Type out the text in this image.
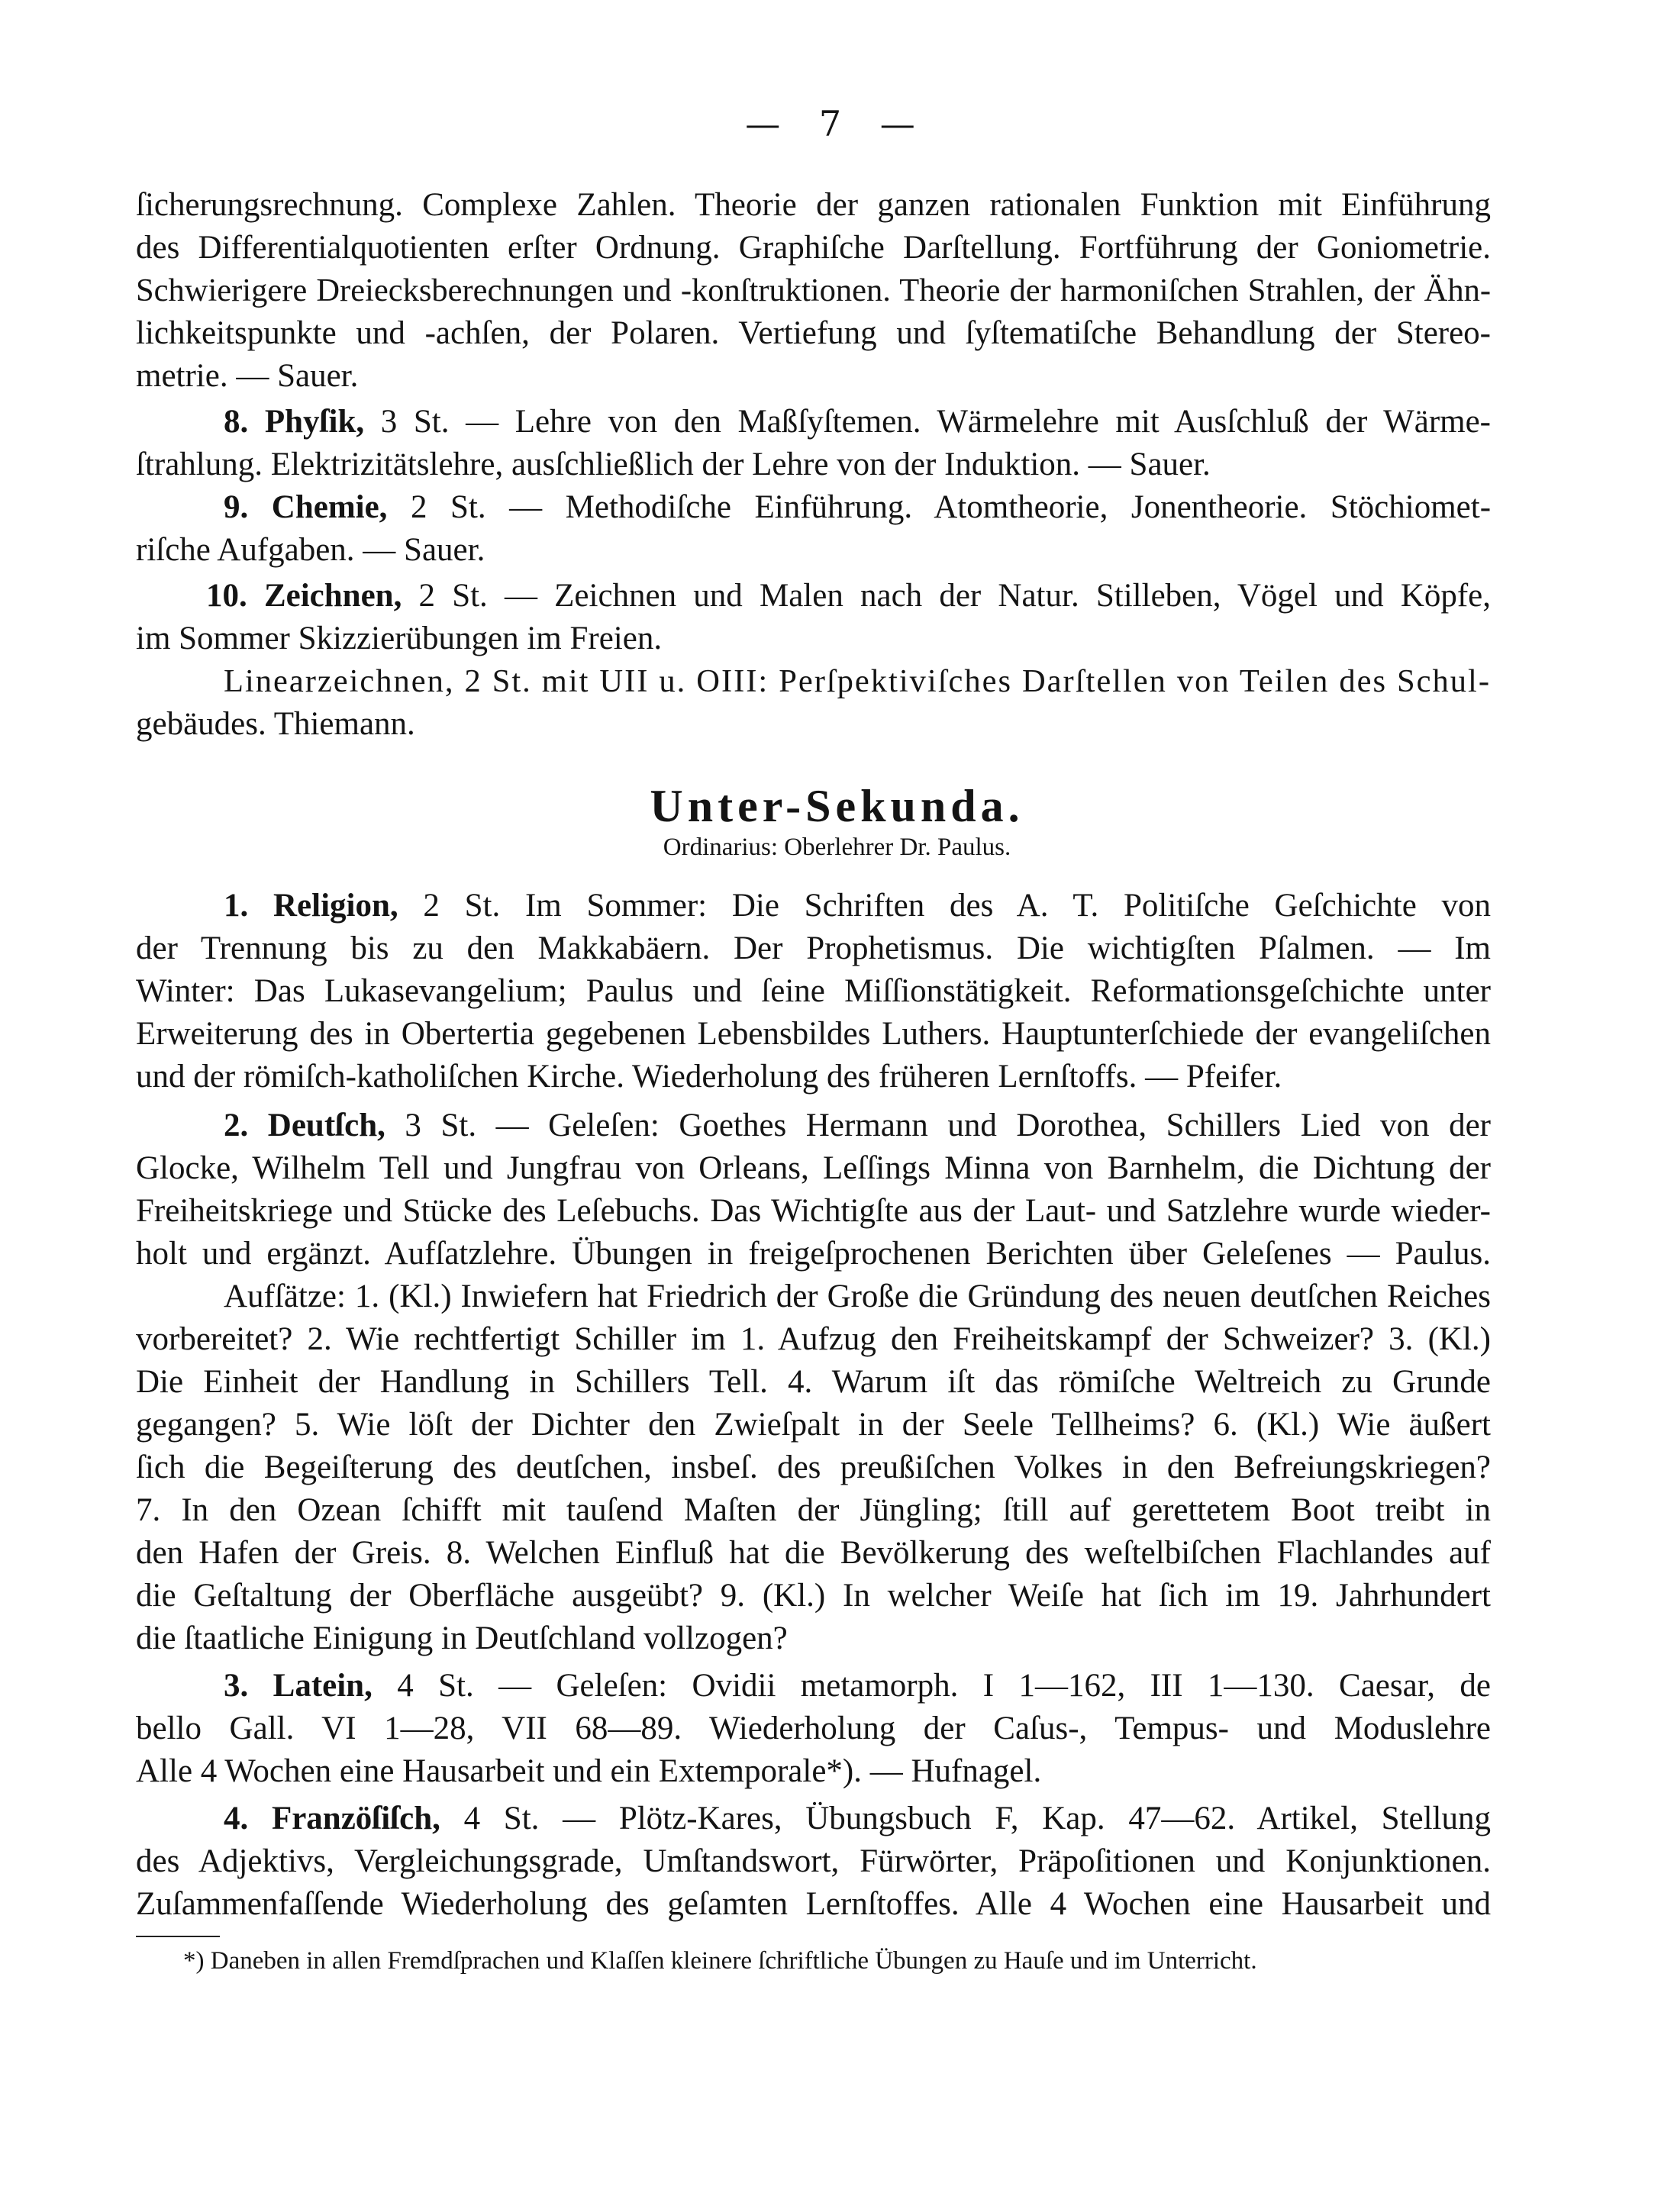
— 7 —
ſicherungsrechnung. Complexe Zahlen. Theorie der ganzen rationalen Funktion mit Einführung
des Differentialquotienten erſter Ordnung. Graphiſche Darſtellung. Fortführung der Goniometrie.
Schwierigere Dreiecksberechnungen und -konſtruktionen. Theorie der harmoniſchen Strahlen, der Ähn-
lichkeitspunkte und -achſen, der Polaren. Vertiefung und ſyſtematiſche Behandlung der Stereo-
metrie. — Sauer.
8. Phyſik, 3 St. — Lehre von den Maßſyſtemen. Wärmelehre mit Ausſchluß der Wärme-
ſtrahlung. Elektrizitätslehre, ausſchließlich der Lehre von der Induktion. — Sauer.
9. Chemie, 2 St. — Methodiſche Einführung. Atomtheorie, Jonentheorie. Stöchiomet-
riſche Aufgaben. — Sauer.
10. Zeichnen, 2 St. — Zeichnen und Malen nach der Natur. Stilleben, Vögel und Köpfe,
im Sommer Skizzierübungen im Freien.
Linearzeichnen, 2 St. mit UII u. OIII: Perſpektiviſches Darſtellen von Teilen des Schul-
gebäudes. Thiemann.
Unter-Sekunda.
Ordinarius: Oberlehrer Dr. Paulus.
1. Religion, 2 St. Im Sommer: Die Schriften des A. T. Politiſche Geſchichte von
der Trennung bis zu den Makkabäern. Der Prophetismus. Die wichtigſten Pſalmen. — Im
Winter: Das Lukasevangelium; Paulus und ſeine Miſſionstätigkeit. Reformationsgeſchichte unter
Erweiterung des in Obertertia gegebenen Lebensbildes Luthers. Hauptunterſchiede der evangeliſchen
und der römiſch-katholiſchen Kirche. Wiederholung des früheren Lernſtoffs. — Pfeifer.
2. Deutſch, 3 St. — Geleſen: Goethes Hermann und Dorothea, Schillers Lied von der
Glocke, Wilhelm Tell und Jungfrau von Orleans, Leſſings Minna von Barnhelm, die Dichtung der
Freiheitskriege und Stücke des Leſebuchs. Das Wichtigſte aus der Laut- und Satzlehre wurde wieder-
holt und ergänzt. Aufſatzlehre. Übungen in freigeſprochenen Berichten über Geleſenes — Paulus.
Aufſätze: 1. (Kl.) Inwiefern hat Friedrich der Große die Gründung des neuen deutſchen Reiches
vorbereitet? 2. Wie rechtfertigt Schiller im 1. Aufzug den Freiheitskampf der Schweizer? 3. (Kl.)
Die Einheit der Handlung in Schillers Tell. 4. Warum iſt das römiſche Weltreich zu Grunde
gegangen? 5. Wie löſt der Dichter den Zwieſpalt in der Seele Tellheims? 6. (Kl.) Wie äußert
ſich die Begeiſterung des deutſchen, insbeſ. des preußiſchen Volkes in den Befreiungskriegen?
7. In den Ozean ſchifft mit tauſend Maſten der Jüngling; ſtill auf gerettetem Boot treibt in
den Hafen der Greis. 8. Welchen Einfluß hat die Bevölkerung des weſtelbiſchen Flachlandes auf
die Geſtaltung der Oberfläche ausgeübt? 9. (Kl.) In welcher Weiſe hat ſich im 19. Jahrhundert
die ſtaatliche Einigung in Deutſchland vollzogen?
3. Latein, 4 St. — Geleſen: Ovidii metamorph. I 1—162, III 1—130. Caesar, de
bello Gall. VI 1—28, VII 68—89. Wiederholung der Caſus-, Tempus- und Moduslehre
Alle 4 Wochen eine Hausarbeit und ein Extemporale*). — Hufnagel.
4. Franzöſiſch, 4 St. — Plötz-Kares, Übungsbuch F, Kap. 47—62. Artikel, Stellung
des Adjektivs, Vergleichungsgrade, Umſtandswort, Fürwörter, Präpoſitionen und Konjunktionen.
Zuſammenfaſſende Wiederholung des geſamten Lernſtoffes. Alle 4 Wochen eine Hausarbeit und
*) Daneben in allen Fremdſprachen und Klaſſen kleinere ſchriftliche Übungen zu Hauſe und im Unterricht.
